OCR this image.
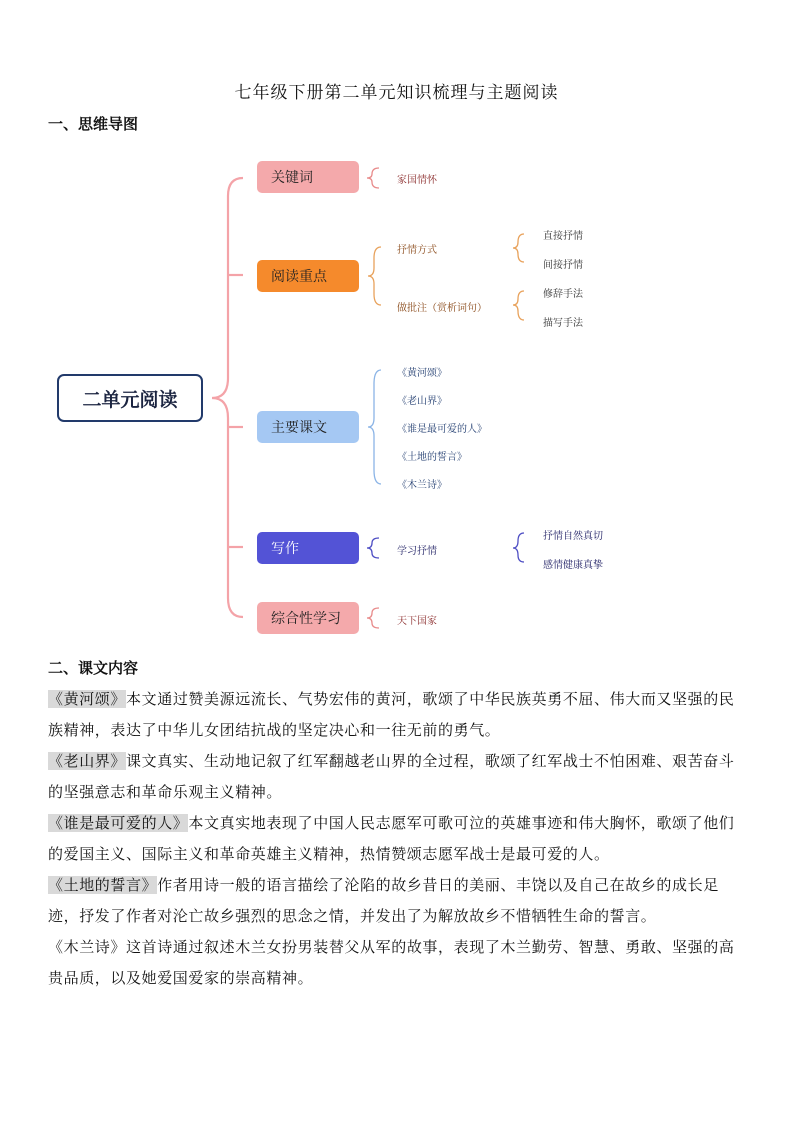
七年级下册第二单元知识梳理与主题阅读
一、思维导图
二单元阅读
关键词	家国情怀
阅读重点
抒情方式
直接抒情
间接抒情
做批注（赏析词句）
修辞手法
描写手法
主要课文
《黄河颂》
《老山界》
《谁是最可爱的人》
《土地的誓言》
《木兰诗》
写作	学习抒情
抒情自然真切
感情健康真挚
综合性学习	天下国家
二、课文内容
《黄河颂》本文通过赞美源远流长、气势宏伟的黄河，歌颂了中华民族英勇不屈、伟大而又坚强的民族精神，表达了中华儿女团结抗战的坚定决心和一往无前的勇气。
《老山界》课文真实、生动地记叙了红军翻越老山界的全过程，歌颂了红军战士不怕困难、艰苦奋斗的坚强意志和革命乐观主义精神。
《谁是最可爱的人》本文真实地表现了中国人民志愿军可歌可泣的英雄事迹和伟大胸怀，歌颂了他们的爱国主义、国际主义和革命英雄主义精神，热情赞颂志愿军战士是最可爱的人。
《土地的誓言》作者用诗一般的语言描绘了沦陷的故乡昔日的美丽、丰饶以及自己在故乡的成长足迹，抒发了作者对沦亡故乡强烈的思念之情，并发出了为解放故乡不惜牺牲生命的誓言。
《木兰诗》这首诗通过叙述木兰女扮男装替父从军的故事，表现了木兰勤劳、智慧、勇敢、坚强的高贵品质，以及她爱国爱家的崇高精神。
